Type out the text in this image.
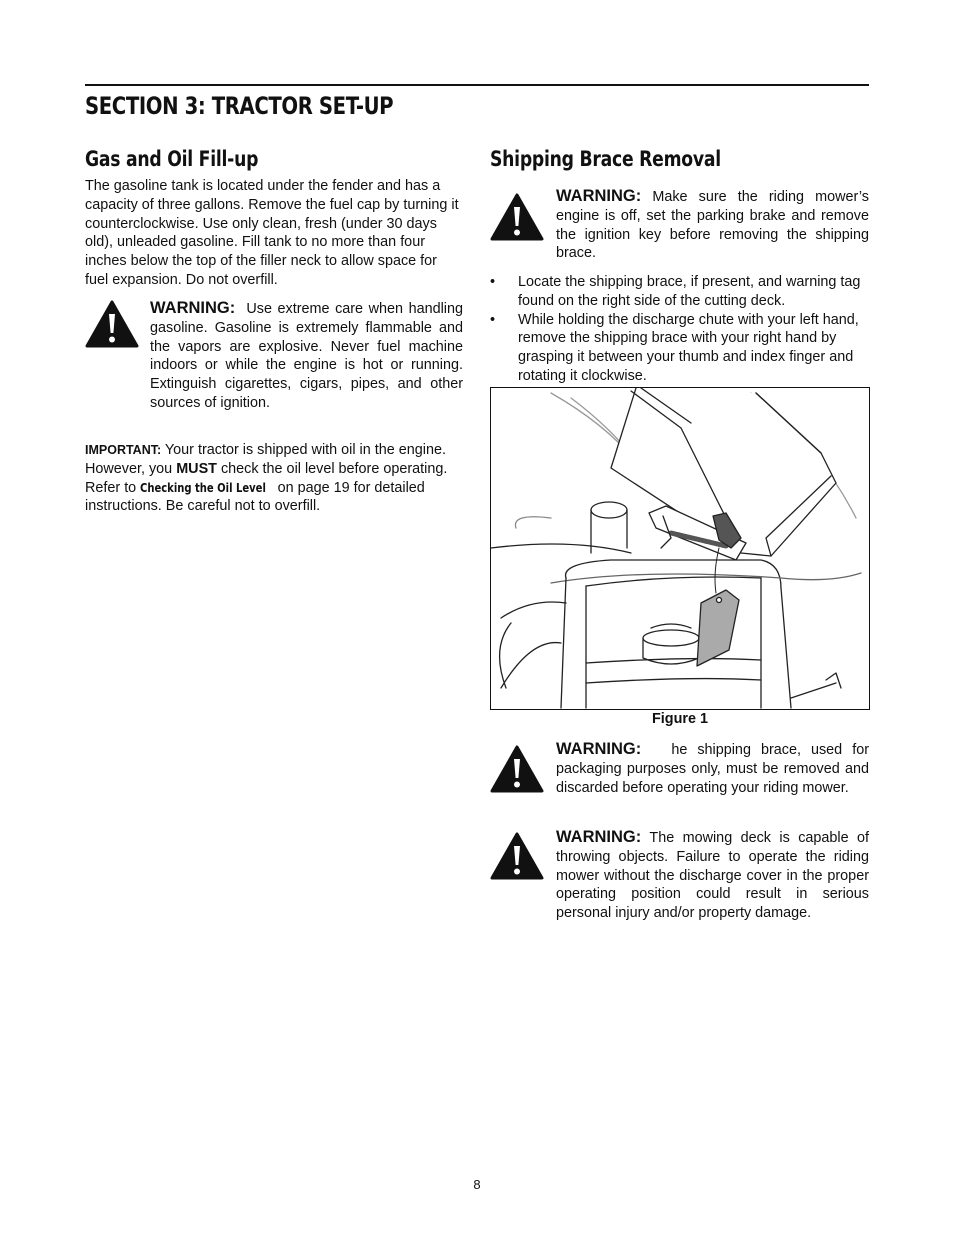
SECTION 3: TRACTOR SET-UP
Gas and Oil Fill-up

The gasoline tank is located under the fender and has a capacity of three gallons. Remove the fuel cap by turning it counterclockwise. Use only clean, fresh (under 30 days old), unleaded gasoline. Fill tank to no more than four inches below the top of the filler neck to allow space for fuel expansion. Do not overfill.

WARNING: Use extreme care when handling gasoline. Gasoline is extremely flammable and the vapors are explosive. Never fuel machine indoors or while the engine is hot or running. Extinguish cigarettes, cigars, pipes, and other sources of ignition.

IMPORTANT: Your tractor is shipped with oil in the engine. However, you MUST check the oil level before operating. Refer to Checking the Oil Level on page 19 for detailed instructions. Be careful not to overfill.

Shipping Brace Removal

WARNING: Make sure the riding mower’s engine is off, set the parking brake and remove the ignition key before removing the shipping brace.

• Locate the shipping brace, if present, and warning tag found on the right side of the cutting deck.
• While holding the discharge chute with your left hand, remove the shipping brace with your right hand by grasping it between your thumb and index finger and rotating it clockwise.
Figure 1

WARNING: he shipping brace, used for packaging purposes only, must be removed and discarded before operating your riding mower.

WARNING: The mowing deck is capable of throwing objects. Failure to operate the riding mower without the discharge cover in the proper operating position could result in serious personal injury and/or property damage.

8
